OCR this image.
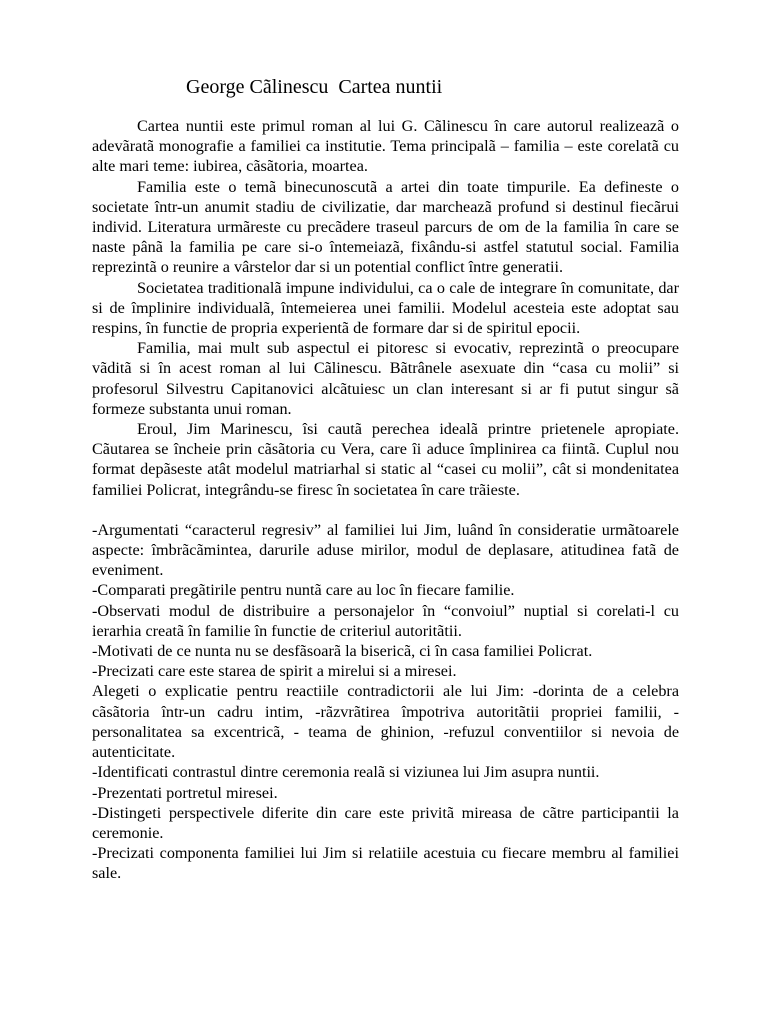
George Cãlinescu  Cartea nuntii

Cartea nuntii este primul roman al lui G. Cãlinescu în care autorul realizeazã o adevãratã monografie a familiei ca institutie. Tema principalã – familia – este corelatã cu alte mari teme: iubirea, cãsãtoria, moartea.

Familia este o temã binecunoscutã a artei din toate timpurile. Ea defineste o societate într-un anumit stadiu de civilizatie, dar marcheazã profund si destinul fiecãrui individ. Literatura urmãreste cu precãdere traseul parcurs de om de la familia în care se naste pânã la familia pe care si-o întemeiazã, fixându-si astfel statutul social. Familia reprezintã o reunire a vârstelor dar si un potential conflict între generatii.

Societatea traditionalã impune individului, ca o cale de integrare în comunitate, dar si de împlinire individualã, întemeierea unei familii. Modelul acesteia este adoptat sau respins, în functie de propria experientã de formare dar si de spiritul epocii.

Familia, mai mult sub aspectul ei pitoresc si evocativ, reprezintã o preocupare vãditã si în acest roman al lui Cãlinescu. Bãtrânele asexuate din “casa cu molii” si profesorul Silvestru Capitanovici alcãtuiesc un clan interesant si ar fi putut singur sã formeze substanta unui roman.

Eroul, Jim Marinescu, îsi cautã perechea idealã printre prietenele apropiate. Cãutarea se încheie prin cãsãtoria cu Vera, care îi aduce împlinirea ca fiintã. Cuplul nou format depãseste atât modelul matriarhal si static al “casei cu molii”, cât si mondenitatea familiei Policrat, integrându-se firesc în societatea în care trãieste.

-Argumentati “caracterul regresiv” al familiei lui Jim, luând în consideratie urmãtoarele aspecte: îmbrãcãmintea, darurile aduse mirilor, modul de deplasare, atitudinea fatã de eveniment.

-Comparati pregãtirile pentru nuntã care au loc în fiecare familie.

-Observati modul de distribuire a personajelor în “convoiul” nuptial si corelati-l cu ierarhia creatã în familie în functie de criteriul autoritãtii.

-Motivati de ce nunta nu se desfãsoarã la bisericã, ci în casa familiei Policrat.

-Precizati care este starea de spirit a mirelui si a miresei.

Alegeti o explicatie pentru reactiile contradictorii ale lui Jim: -dorinta de a celebra cãsãtoria într-un cadru intim, -rãzvrãtirea împotriva autoritãtii propriei familii, -personalitatea sa excentricã, - teama de ghinion, -refuzul conventiilor si nevoia de autenticitate.

-Identificati contrastul dintre ceremonia realã si viziunea lui Jim asupra nuntii.

-Prezentati portretul miresei.

-Distingeti perspectivele diferite din care este privitã mireasa de cãtre participantii la ceremonie.

-Precizati componenta familiei lui Jim si relatiile acestuia cu fiecare membru al familiei sale.
